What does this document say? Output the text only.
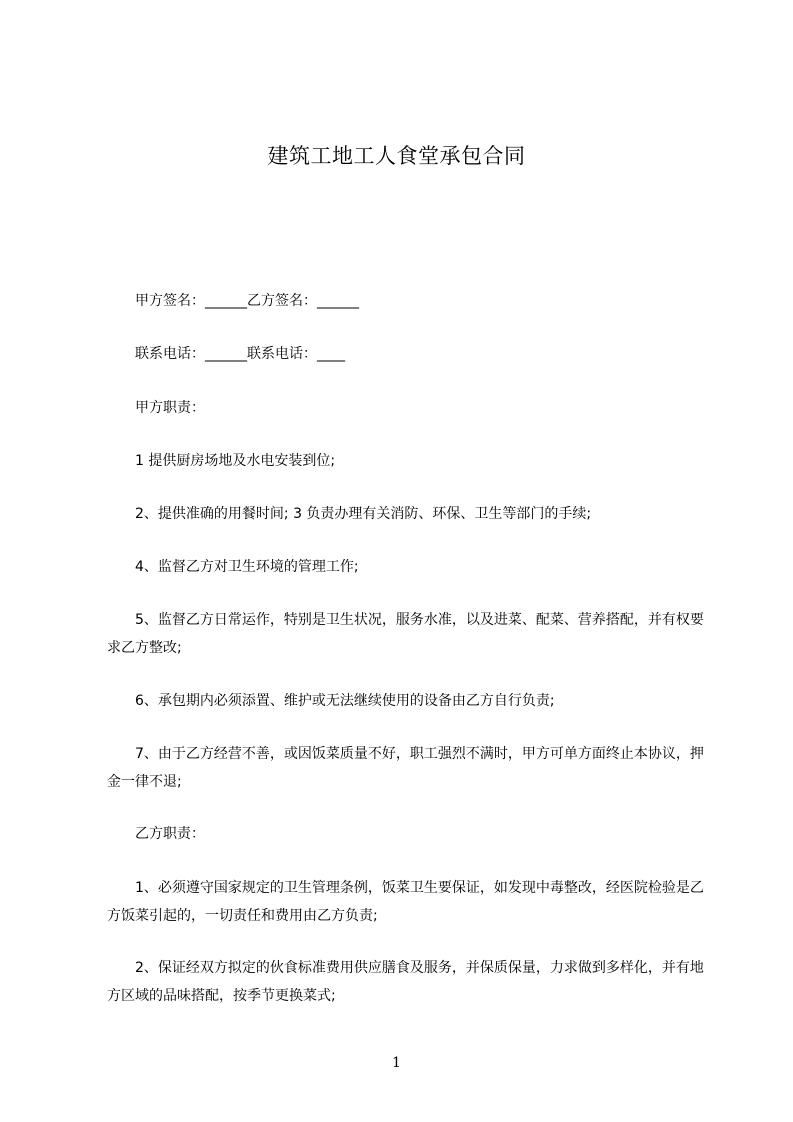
建筑工地工人食堂承包合同
甲方签名：______乙方签名：______
联系电话：______联系电话：____
甲方职责：
1 提供厨房场地及水电安装到位;
2、提供准确的用餐时间; 3 负责办理有关消防、环保、卫生等部门的手续;
4、监督乙方对卫生环境的管理工作;
5、监督乙方日常运作，特别是卫生状况，服务水准，以及进菜、配菜、营养搭配，并有权要求乙方整改;
6、承包期内必须添置、维护或无法继续使用的设备由乙方自行负责;
7、由于乙方经营不善，或因饭菜质量不好，职工强烈不满时，甲方可单方面终止本协议，押金一律不退;
乙方职责：
1、必须遵守国家规定的卫生管理条例，饭菜卫生要保证，如发现中毒整改，经医院检验是乙方饭菜引起的，一切责任和费用由乙方负责;
2、保证经双方拟定的伙食标准费用供应膳食及服务，并保质保量，力求做到多样化，并有地方区域的品味搭配，按季节更换菜式;
1
